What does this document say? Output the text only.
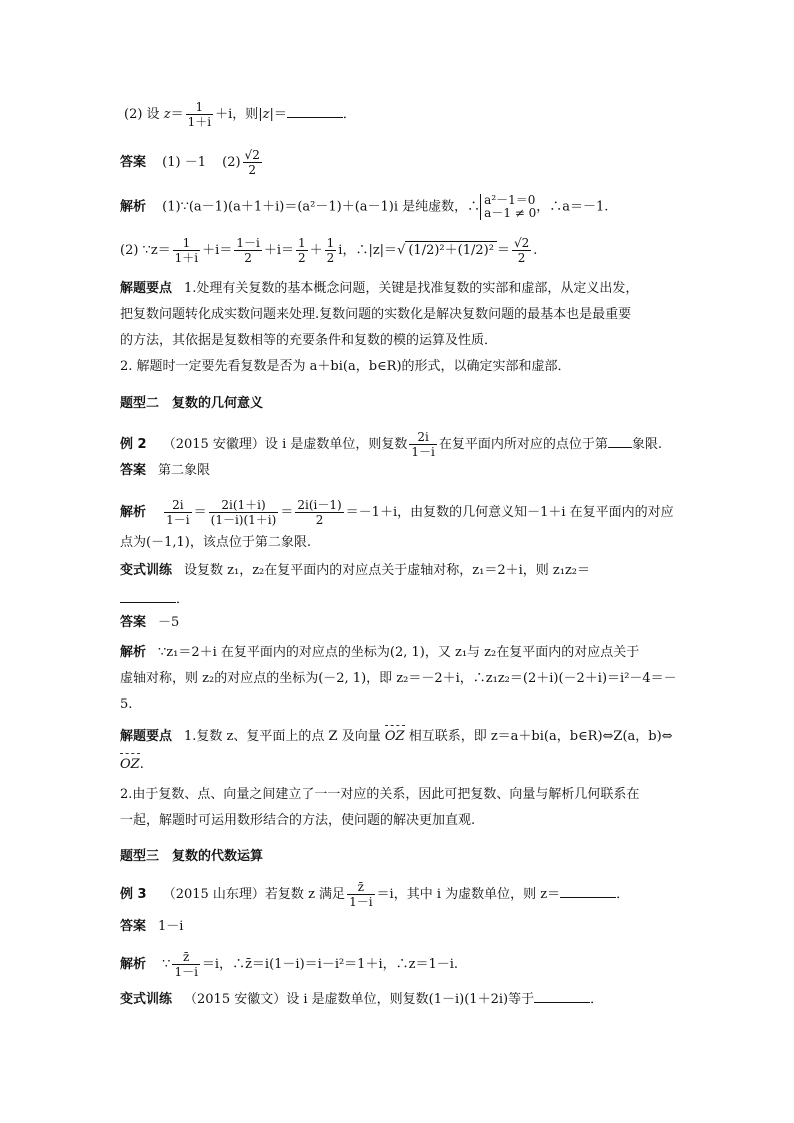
(2) 设 $z= \frac{1}{1+i} +i$，则|z|＝	．
答案 (1) －1 $(2) \frac{√2}{2}$
解析 (1)∵(a－1)(a＋1＋i)＝(a²－1)＋(a－1)i 是纯虚数，∴ a²－1＝0
a－1 ≠ 0，∴a＝－1.
(2) ∵z＝ $\frac{1}{1+i} +i= \frac{1-i}{2} +i= \frac{1}{2} + \frac{1}{2}$ i，∴|z|＝√ $(1/2)^2+(1/2)^2 = \frac{√2}{2}$ .
解题要点 1.处理有关复数的基本概念问题，关键是找准复数的实部和虚部，从定义出发，
把复数问题转化成实数问题来处理.复数问题的实数化是解决复数问题的最基本也是最重要
的方法，其依据是复数相等的充要条件和复数的模的运算及性质．
2. 解题时一定要先看复数是否为 a＋bi(a，b∈R)的形式，以确定实部和虚部．
题型二　复数的几何意义
例 2 （2015 安徽理）设 i 是虚数单位，则复数 $\frac{2i}{1-i}$ 在复平面内所对应的点位于第 象限.
答案 第二象限
解析 $\frac{2i}{1-i} = \frac{2i(1+i)}{(1-i)(1+i)} = \frac{2i(i-1)}{2} =-1+i$，由复数的几何意义知－1＋i 在复平面内的对应
点为(－1,1)，该点位于第二象限.
变式训练 设复数 z₁，z₂在复平面内的对应点关于虚轴对称，z₁＝2＋i，则 z₁z₂＝
．
答案 －5
解析 ∵z₁＝2＋i 在复平面内的对应点的坐标为(2, 1)，又 z₁与 z₂在复平面内的对应点关于
虚轴对称，则 z₂的对应点的坐标为(－2, 1)，即 z₂＝－2＋i，∴z₁z₂＝(2＋i)(－2＋i)＝i²－4＝－
5.
解题要点 1.复数 z、复平面上的点 Z 及向量 OZ 相互联系，即 z＝a＋bi(a，b∈R)⇔Z(a，b)⇔
OZ.
2.由于复数、点、向量之间建立了一一对应的关系，因此可把复数、向量与解析几何联系在
一起，解题时可运用数形结合的方法，使问题的解决更加直观.
题型三　复数的代数运算
例 3 （2015 山东理）若复数 z 满足 $\frac{z̄}{1-i} =i$，其中 i 为虚数单位，则 z＝	．
答案 1－i
解析 ∵ $\frac{z̄}{1-i} =i$，∴z̄＝i(1－i)＝i－i²＝1＋i，∴z＝1－i.
变式训练 （2015 安徽文）设 i 是虚数单位，则复数(1－i)(1＋2i)等于	．
